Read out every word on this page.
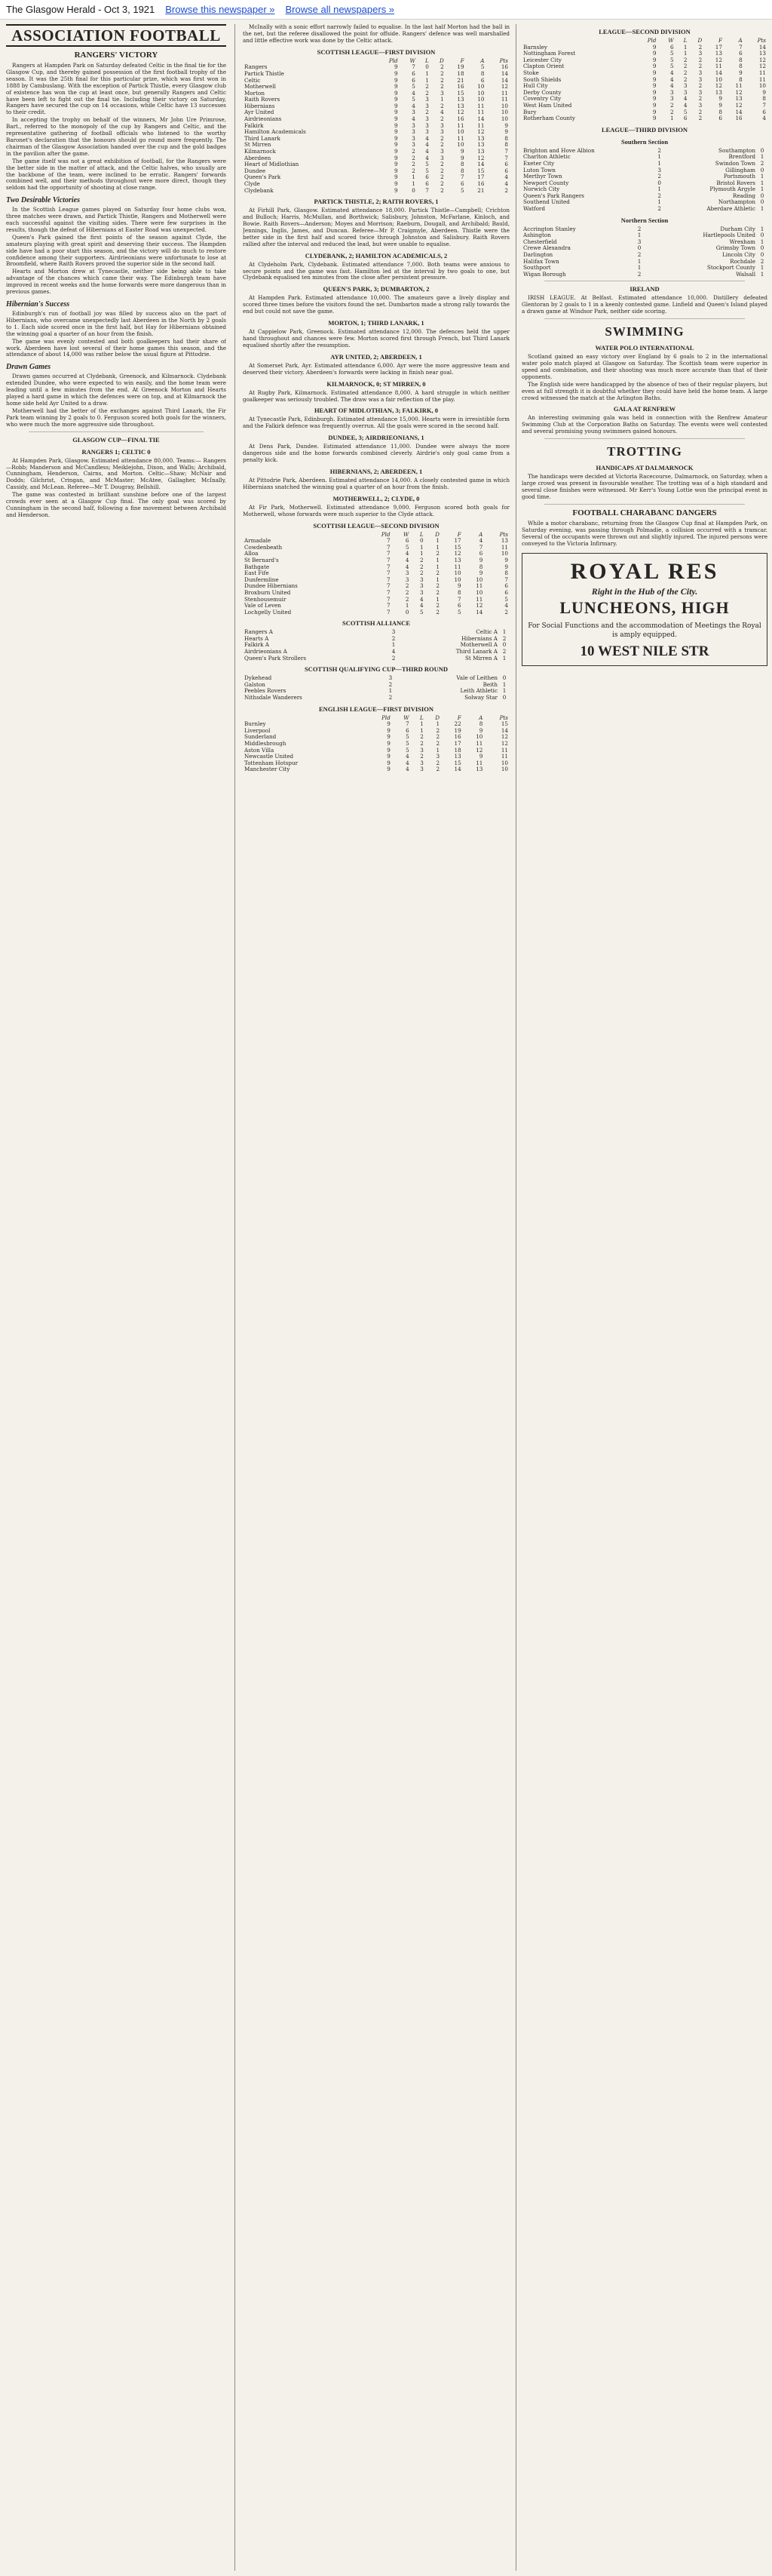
The Glasgow Herald - Oct 3, 1921 Browse this newspaper » Browse all newspapers »
ASSOCIATION FOOTBALL
RANGERS' VICTORY

Rangers at Hampden Park on Saturday defeated Celtic in the final tie for the Glasgow Cup, and thereby gained possession of the first football trophy of the season. It was the 25th final for this particular prize, which was first won in 1888 by Cambuslang. With the exception of Partick Thistle, every Glasgow club of existence has won the cup at least once, but generally Rangers and Celtic have been left to fight out the final tie. Including their victory on Saturday, Rangers have secured the cup on 14 occasions, while Celtic have 13 successes to their credit.

In accepting the trophy on behalf of the winners, Mr John Ure Primrose, Bart., referred to the monopoly of the cup by Rangers and Celtic, and the representative gathering of football officials who listened to the worthy Baronet's declaration that the honours should go round more frequently. The chairman of the Glasgow Association handed over the cup and the gold badges in the pavilion after the game.

The game itself was not a great exhibition of football, for the Rangers were the better side in the matter of attack, and the Celtic halves, who usually are the backbone of the team, were inclined to be erratic. Rangers' forwards combined well, and their methods throughout were more direct, though they seldom had the opportunity of shooting at close range.

Two Desirable Victories

In the Scottish League games played on Saturday four home clubs won, three matches were drawn, and Partick Thistle, Rangers and Motherwell were each successful against the visiting sides. There were few surprises in the results, though the defeat of Hibernians at Easter Road was unexpected.

Queen's Park gained the first points of the season against Clyde, the amateurs playing with great spirit and deserving their success. The Hampden side have had a poor start this season, and the victory will do much to restore confidence among their supporters. Airdrieonians were unfortunate to lose at Broomfield, where Raith Rovers proved the superior side in the second half.

Hearts and Morton drew at Tynecastle, neither side being able to take advantage of the chances which came their way. The Edinburgh team have improved in recent weeks and the home forwards were more dangerous than in previous games.

Hibernian's Success

Edinburgh's run of football joy was filled by success also on the part of Hibernians, who overcame unexpectedly last Aberdeen in the North by 2 goals to 1. Each side scored once in the first half, but Hay for Hibernians obtained the winning goal a quarter of an hour from the finish.

The game was evenly contested and both goalkeepers had their share of work. Aberdeen have lost several of their home games this season, and the attendance of about 14,000 was rather below the usual figure at Pittodrie.

Drawn Games

Drawn games occurred at Clydebank, Greenock, and Kilmarnock. Clydebank extended Dundee, who were expected to win easily, and the home team were leading until a few minutes from the end. At Greenock Morton and Hearts played a hard game in which the defences were on top, and at Kilmarnock the home side held Ayr United to a draw.

Motherwell had the better of the exchanges against Third Lanark, the Fir Park team winning by 2 goals to 0. Ferguson scored both goals for the winners, who were much the more aggressive side throughout.

GLASGOW CUP—FINAL TIE
RANGERS 1; CELTIC 0

At Hampden Park, Glasgow. Estimated attendance 80,000. Teams:— Rangers—Robb; Manderson and McCandless; Meiklejohn, Dixon, and Walls; Archibald, Cunningham, Henderson, Cairns, and Morton. Celtic—Shaw; McNair and Dodds; Gilchrist, Cringan, and McMaster; McAtee, Gallagher, McInally, Cassidy, and McLean. Referee—Mr T. Dougray, Bellshill.

The game was contested in brilliant sunshine before one of the largest crowds ever seen at a Glasgow Cup final. The only goal was scored by Cunningham in the second half, following a fine movement between Archibald and Henderson.

McInally with a sonic effort narrowly failed to equalise. In the last half Morton had the ball in the net, but the referee disallowed the point for offside. Rangers' defence was well marshalled and little effective work was done by the Celtic attack.

SCOTTISH LEAGUE—FIRST DIVISION
	Pld	W	L	D	F	A	Pts
Rangers	9	7	0	2	19	5	16
Partick Thistle	9	6	1	2	18	8	14
Celtic	9	6	1	2	21	6	14
Motherwell	9	5	2	2	16	10	12
Morton	9	4	2	3	15	10	11
Raith Rovers	9	5	3	1	13	10	11
Hibernians	9	4	3	2	13	11	10
Ayr United	9	3	2	4	12	11	10
Airdrieonians	9	4	3	2	16	14	10
Falkirk	9	3	3	3	11	11	9
Hamilton Academicals	9	3	3	3	10	12	9
Third Lanark	9	3	4	2	11	13	8
St Mirren	9	3	4	2	10	13	8
Kilmarnock	9	2	4	3	9	13	7
Aberdeen	9	2	4	3	9	12	7
Heart of Midlothian	9	2	5	2	8	14	6
Dundee	9	2	5	2	8	15	6
Queen's Park	9	1	6	2	7	17	4
Clyde	9	1	6	2	6	16	4
Clydebank	9	0	7	2	5	21	2
PARTICK THISTLE, 2; RAITH ROVERS, 1

At Firhill Park, Glasgow. Estimated attendance 18,000. Partick Thistle—Campbell; Crichton and Bulloch; Harris, McMullan, and Borthwick; Salisbury, Johnston, McFarlane, Kinloch, and Bowie. Raith Rovers—Anderson; Moyes and Morrison; Raeburn, Dougall, and Archibald; Bauld, Jennings, Inglis, James, and Duncan. Referee—Mr P. Craigmyle, Aberdeen. Thistle were the better side in the first half and scored twice through Johnston and Salisbury. Raith Rovers rallied after the interval and reduced the lead, but were unable to equalise.

CLYDEBANK, 2; HAMILTON ACADEMICALS, 2

At Clydeholm Park, Clydebank. Estimated attendance 7,000. Both teams were anxious to secure points and the game was fast. Hamilton led at the interval by two goals to one, but Clydebank equalised ten minutes from the close after persistent pressure.

QUEEN'S PARK, 3; DUMBARTON, 2

At Hampden Park. Estimated attendance 10,000. The amateurs gave a lively display and scored three times before the visitors found the net. Dumbarton made a strong rally towards the end but could not save the game.

MORTON, 1; THIRD LANARK, 1

At Cappielow Park, Greenock. Estimated attendance 12,000. The defences held the upper hand throughout and chances were few. Morton scored first through French, but Third Lanark equalised shortly after the resumption.

AYR UNITED, 2; ABERDEEN, 1

At Somerset Park, Ayr. Estimated attendance 6,000. Ayr were the more aggressive team and deserved their victory. Aberdeen's forwards were lacking in finish near goal.

KILMARNOCK, 0; ST MIRREN, 0

At Rugby Park, Kilmarnock. Estimated attendance 8,000. A hard struggle in which neither goalkeeper was seriously troubled. The draw was a fair reflection of the play.

HEART OF MIDLOTHIAN, 3; FALKIRK, 0

At Tynecastle Park, Edinburgh. Estimated attendance 15,000. Hearts were in irresistible form and the Falkirk defence was frequently overrun. All the goals were scored in the second half.

DUNDEE, 3; AIRDRIEONIANS, 1

At Dens Park, Dundee. Estimated attendance 11,000. Dundee were always the more dangerous side and the home forwards combined cleverly. Airdrie's only goal came from a penalty kick.

HIBERNIANS, 2; ABERDEEN, 1

At Pittodrie Park, Aberdeen. Estimated attendance 14,000. A closely contested game in which Hibernians snatched the winning goal a quarter of an hour from the finish.

MOTHERWELL, 2; CLYDE, 0

At Fir Park, Motherwell. Estimated attendance 9,000. Ferguson scored both goals for Motherwell, whose forwards were much superior to the Clyde attack.

SCOTTISH LEAGUE—SECOND DIVISION
	Pld	W	L	D	F	A	Pts
Armadale	7	6	0	1	17	4	13
Cowdenbeath	7	5	1	1	15	7	11
Alloa	7	4	1	2	12	6	10
St Bernard's	7	4	2	1	13	9	9
Bathgate	7	4	2	1	11	8	9
East Fife	7	3	2	2	10	9	8
Dunfermline	7	3	3	1	10	10	7
Dundee Hibernians	7	2	3	2	9	11	6
Broxburn United	7	2	3	2	8	10	6
Stenhousemuir	7	2	4	1	7	11	5
Vale of Leven	7	1	4	2	6	12	4
Lochgelly United	7	0	5	2	5	14	2
SCOTTISH ALLIANCE
Rangers A	3	Celtic A	1
Hearts A	2	Hibernians A	2
Falkirk A	1	Motherwell A	0
Airdrieonians A	4	Third Lanark A	2
Queen's Park Strollers	2	St Mirren A	1
SCOTTISH QUALIFYING CUP—THIRD ROUND
Dykehead	3	Vale of Leithen	0
Galston	2	Beith	1
Peebles Rovers	1	Leith Athletic	1
Nithsdale Wanderers	2	Solway Star	0
ENGLISH LEAGUE—FIRST DIVISION
	Pld	W	L	D	F	A	Pts
Burnley	9	7	1	1	22	8	15
Liverpool	9	6	1	2	19	9	14
Sunderland	9	5	2	2	16	10	12
Middlesbrough	9	5	2	2	17	11	12
Aston Villa	9	5	3	1	18	12	11
Newcastle United	9	4	2	3	13	9	11
Tottenham Hotspur	9	4	3	2	15	11	10
Manchester City	9	4	3	2	14	13	10
LEAGUE—SECOND DIVISION
	Pld	W	L	D	F	A	Pts
Barnsley	9	6	1	2	17	7	14
Nottingham Forest	9	5	1	3	13	6	13
Leicester City	9	5	2	2	12	8	12
Clapton Orient	9	5	2	2	11	8	12
Stoke	9	4	2	3	14	9	11
South Shields	9	4	2	3	10	8	11
Hull City	9	4	3	2	12	11	10
Derby County	9	3	3	3	13	12	9
Coventry City	9	3	4	2	9	13	8
West Ham United	9	2	4	3	9	12	7
Bury	9	2	5	2	8	14	6
Rotherham County	9	1	6	2	6	16	4
LEAGUE—THIRD DIVISION
Southern Section
Brighton and Hove Albion	2	Southampton	0
Charlton Athletic	1	Brentford	1
Exeter City	1	Swindon Town	2
Luton Town	3	Gillingham	0
Merthyr Town	2	Portsmouth	1
Newport County	0	Bristol Rovers	1
Norwich City	1	Plymouth Argyle	1
Queen's Park Rangers	2	Reading	0
Southend United	1	Northampton	0
Watford	2	Aberdare Athletic	1
Northern Section
Accrington Stanley	2	Durham City	1
Ashington	1	Hartlepools United	0
Chesterfield	3	Wrexham	1
Crewe Alexandra	0	Grimsby Town	0
Darlington	2	Lincoln City	0
Halifax Town	1	Rochdale	2
Southport	1	Stockport County	1
Wigan Borough	2	Walsall	1
IRELAND

IRISH LEAGUE. At Belfast. Estimated attendance 10,000. Distillery defeated Glentoran by 2 goals to 1 in a keenly contested game. Linfield and Queen's Island played a drawn game at Windsor Park, neither side scoring.

SWIMMING
WATER POLO INTERNATIONAL

Scotland gained an easy victory over England by 6 goals to 2 in the international water polo match played at Glasgow on Saturday. The Scottish team were superior in speed and combination, and their shooting was much more accurate than that of their opponents.

The English side were handicapped by the absence of two of their regular players, but even at full strength it is doubtful whether they could have held the home team. A large crowd witnessed the match at the Arlington Baths.

GALA AT RENFREW

An interesting swimming gala was held in connection with the Renfrew Amateur Swimming Club at the Corporation Baths on Saturday. The events were well contested and several promising young swimmers gained honours.

TROTTING
HANDICAPS AT DALMARNOCK

The handicaps were decided at Victoria Racecourse, Dalmarnock, on Saturday, when a large crowd was present in favourable weather. The trotting was of a high standard and several close finishes were witnessed. Mr Kerr's Young Lottie won the principal event in good time.

FOOTBALL CHARABANC DANGERS

While a motor charabanc, returning from the Glasgow Cup final at Hampden Park, on Saturday evening, was passing through Polmadie, a collision occurred with a tramcar. Several of the occupants were thrown out and slightly injured. The injured persons were conveyed to the Victoria Infirmary.

ROYAL RES
Right in the Hub of the City.
LUNCHEONS, HIGH
For Social Functions and the accommodation of Meetings the Royal is amply equipped.
10 WEST NILE STR
